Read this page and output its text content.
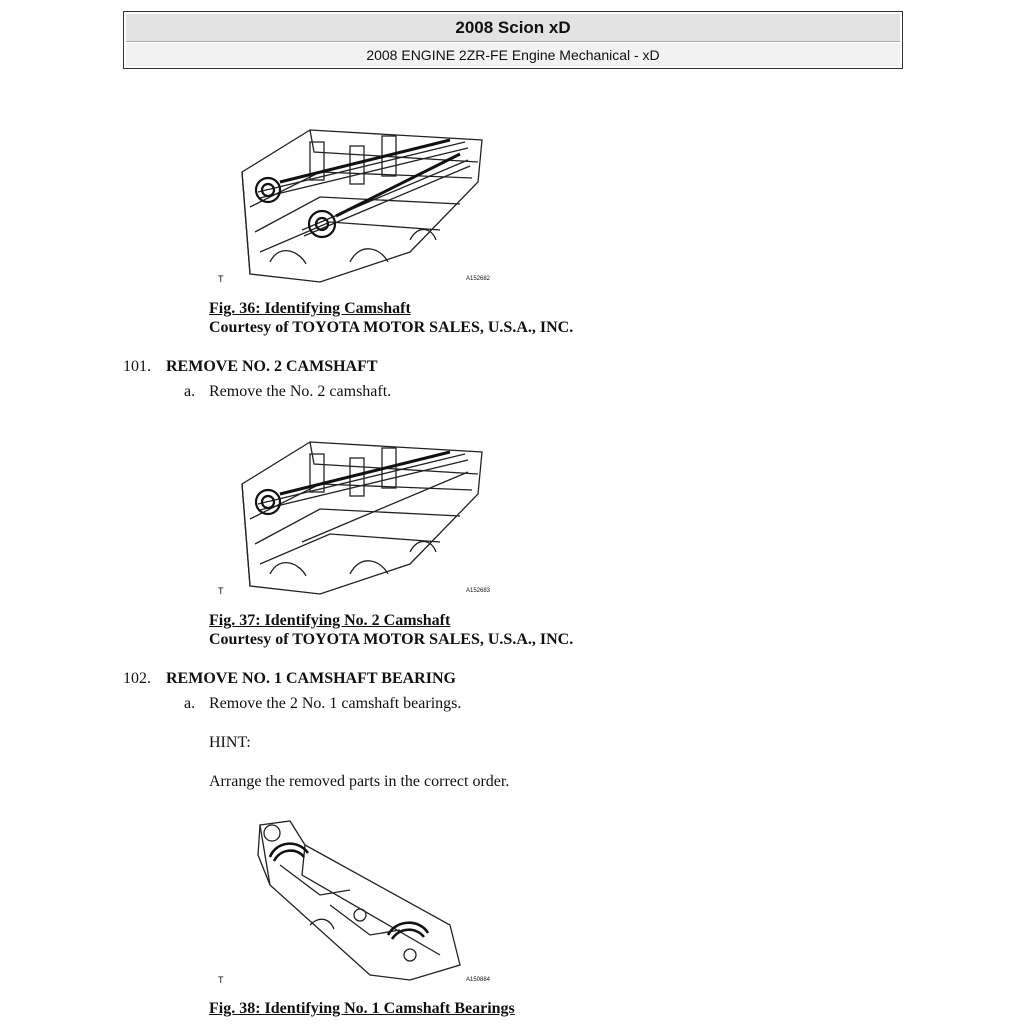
2008 Scion xD
2008 ENGINE 2ZR-FE Engine Mechanical - xD
T	A152682
Fig. 36: Identifying Camshaft
Courtesy of TOYOTA MOTOR SALES, U.S.A., INC.
101. REMOVE NO. 2 CAMSHAFT
a. Remove the No. 2 camshaft.
T	A152683
Fig. 37: Identifying No. 2 Camshaft
Courtesy of TOYOTA MOTOR SALES, U.S.A., INC.
102. REMOVE NO. 1 CAMSHAFT BEARING
a. Remove the 2 No. 1 camshaft bearings.
HINT:
Arrange the removed parts in the correct order.
T	A150884
Fig. 38: Identifying No. 1 Camshaft Bearings
